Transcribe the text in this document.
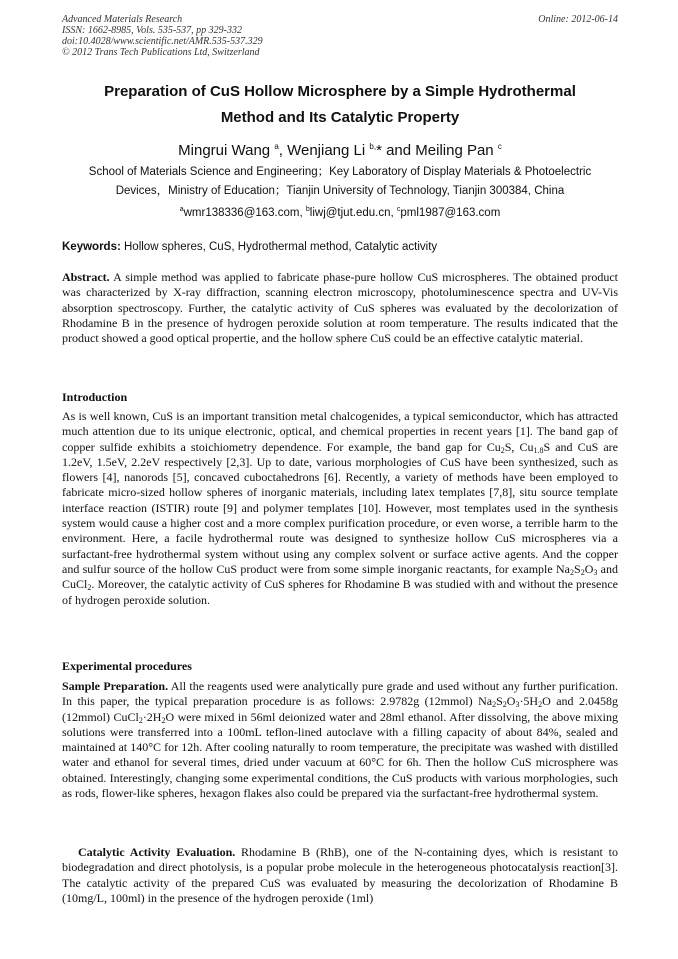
Advanced Materials Research
ISSN: 1662-8985, Vols. 535-537, pp 329-332
doi:10.4028/www.scientific.net/AMR.535-537.329
© 2012 Trans Tech Publications Ltd, Switzerland
Online: 2012-06-14
Preparation of CuS Hollow Microsphere by a Simple Hydrothermal
Method and Its Catalytic Property
Mingrui Wang $^a$, Wenjiang Li $^{b,}$* and Meiling Pan $^c$
School of Materials Science and Engineering；Key Laboratory of Display Materials & Photoelectric
Devices，Ministry of Education；Tianjin University of Technology, Tianjin 300384, China
$^a$wmr138336@163.com, $^b$liwj@tjut.edu.cn, $^c$pml1987@163.com
Keywords: Hollow spheres, CuS, Hydrothermal method, Catalytic activity
Abstract. A simple method was applied to fabricate phase-pure hollow CuS microspheres. The obtained product was characterized by X-ray diffraction, scanning electron microscopy, photoluminescence spectra and UV-Vis absorption spectroscopy. Further, the catalytic activity of CuS spheres was evaluated by the decolorization of Rhodamine B in the presence of hydrogen peroxide solution at room temperature. The results indicated that the product showed a good optical propertie, and the hollow sphere CuS could be an effective catalytic material.
Introduction
As is well known, CuS is an important transition metal chalcogenides, a typical semiconductor, which has attracted much attention due to its unique electronic, optical, and chemical properties in recent years [1]. The band gap of copper sulfide exhibits a stoichiometry dependence. For example, the band gap for $Cu_2S$, $Cu_{1.8}S$ and CuS are 1.2eV, 1.5eV, 2.2eV respectively [2,3]. Up to date, various morphologies of CuS have been synthesized, such as flowers [4], nanorods [5], concaved cuboctahedrons [6]. Recently, a variety of methods have been employed to fabricate micro-sized hollow spheres of inorganic materials, including latex templates [7,8], situ source template interface reaction (ISTIR) route [9] and polymer templates [10]. However, most templates used in the synthesis system would cause a higher cost and a more complex purification procedure, or even worse, a terrible harm to the environment. Here, a facile hydrothermal route was designed to synthesize hollow CuS microspheres via a surfactant-free hydrothermal system without using any complex solvent or surface active agents. And the copper and sulfur source of the hollow CuS product were from some simple inorganic reactants, for example $Na_2S_2O_3$ and CuCl$_2$. Moreover, the catalytic activity of CuS spheres for Rhodamine B was studied with and without the presence of hydrogen peroxide solution.
Experimental procedures
Sample Preparation. All the reagents used were analytically pure grade and used without any further purification. In this paper, the typical preparation procedure is as follows: 2.9782g (12mmol) $Na_2S_2O_3\cdot 5H_2O$ and 2.0458g (12mmol) $CuCl_2\cdot 2H_2O$ were mixed in 56ml deionized water and 28ml ethanol. After dissolving, the above mixing solutions were transferred into a 100mL teflon-lined autoclave with a filling capacity of about 84%, sealed and maintained at 140°C for 12h. After cooling naturally to room temperature, the precipitate was washed with distilled water and ethanol for several times, dried under vacuum at 60°C for 6h. Then the hollow CuS microsphere was obtained. Interestingly, changing some experimental conditions, the CuS products with various morphologies, such as rods, flower-like spheres, hexagon flakes also could be prepared via the surfactant-free hydrothermal system.
Catalytic Activity Evaluation. Rhodamine B (RhB), one of the N-containing dyes, which is resistant to biodegradation and direct photolysis, is a popular probe molecule in the heterogeneous photocatalysis reaction[3]. The catalytic activity of the prepared CuS was evaluated by measuring the decolorization of Rhodamine B (10mg/L, 100ml) in the presence of the hydrogen peroxide (1ml)
